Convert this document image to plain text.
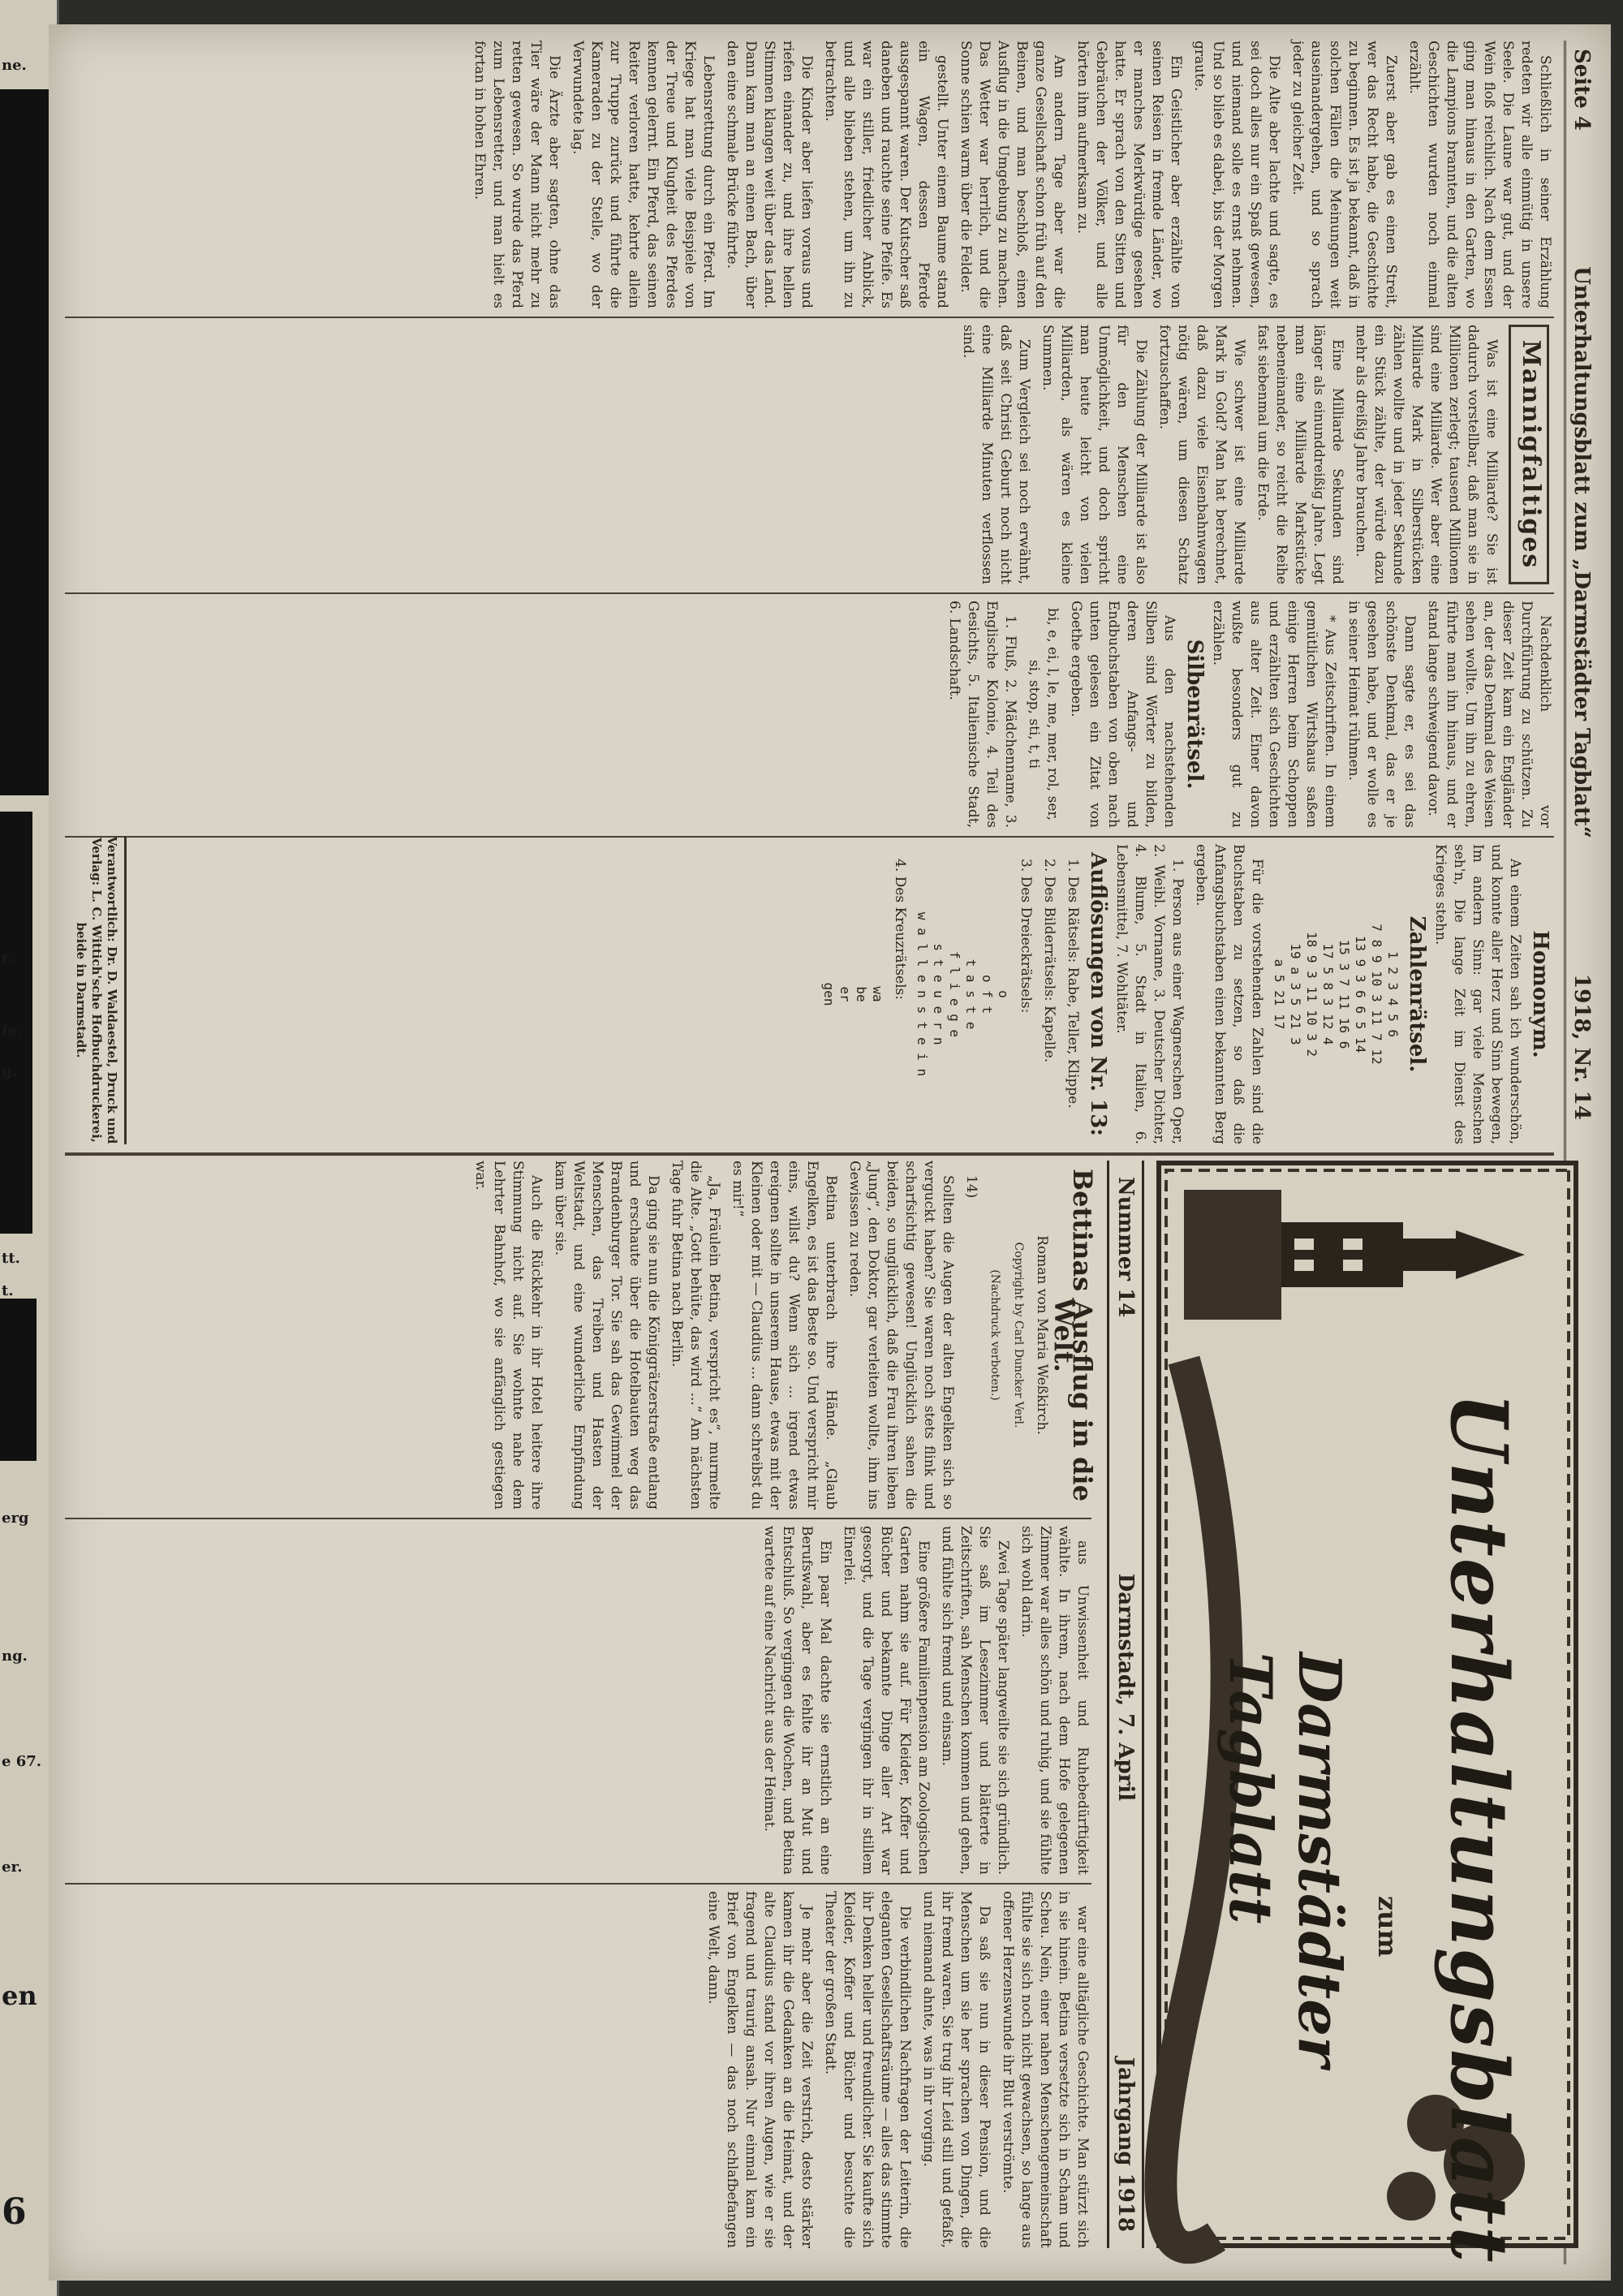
Seite 4
Unterhaltungsblatt zum „Darmstädter Tagblatt“
1918, Nr. 14

Schließlich in seiner Erzählung redeten wir alle einmütig in unsere Seele. Die Laune war gut, und der Wein floß reichlich. Nach dem Essen ging man hinaus in den Garten, wo die Lampions brannten, und die alten Geschichten wurden noch einmal erzählt.

Zuerst aber gab es einen Streit, wer das Recht habe, die Geschichte zu beginnen. Es ist ja bekannt, daß in solchen Fällen die Meinungen weit auseinandergehen, und so sprach jeder zu gleicher Zeit.

Die Alte aber lachte und sagte, es sei doch alles nur ein Spaß gewesen, und niemand solle es ernst nehmen. Und so blieb es dabei, bis der Morgen graute.

Ein Geistlicher aber erzählte von seinen Reisen in fremde Länder, wo er manches Merkwürdige gesehen hatte. Er sprach von den Sitten und Gebräuchen der Völker, und alle hörten ihm aufmerksam zu.

Am andern Tage aber war die ganze Gesellschaft schon früh auf den Beinen, und man beschloß, einen Ausflug in die Umgebung zu machen. Das Wetter war herrlich, und die Sonne schien warm über die Felder.

gestellt. Unter einem Baume stand ein Wagen, dessen Pferde ausgespannt waren. Der Kutscher saß daneben und rauchte seine Pfeife. Es war ein stiller, friedlicher Anblick, und alle blieben stehen, um ihn zu betrachten.

Die Kinder aber liefen voraus und riefen einander zu, und ihre hellen Stimmen klangen weit über das Land. Dann kam man an einen Bach, über den eine schmale Brücke führte.

Lebensrettung durch ein Pferd. Im Kriege hat man viele Beispiele von der Treue und Klugheit des Pferdes kennen gelernt. Ein Pferd, das seinen Reiter verloren hatte, kehrte allein zur Truppe zurück und führte die Kameraden zu der Stelle, wo der Verwundete lag.

Die Ärzte aber sagten, ohne das Tier wäre der Mann nicht mehr zu retten gewesen. So wurde das Pferd zum Lebensretter, und man hielt es fortan in hohen Ehren.

Mannigfaltiges

Was ist eine Milliarde? Sie ist dadurch vorstellbar, daß man sie in Millionen zerlegt; tausend Millionen sind eine Milliarde. Wer aber eine Milliarde Mark in Silberstücken zählen wollte und in jeder Sekunde ein Stück zählte, der würde dazu mehr als dreißig Jahre brauchen.

Eine Milliarde Sekunden sind länger als einunddreißig Jahre. Legt man eine Milliarde Markstücke nebeneinander, so reicht die Reihe fast siebenmal um die Erde.

Wie schwer ist eine Milliarde Mark in Gold? Man hat berechnet, daß dazu viele Eisenbahnwagen nötig wären, um diesen Schatz fortzuschaffen.

Die Zählung der Milliarde ist also für den Menschen eine Unmöglichkeit, und doch spricht man heute leicht von vielen Milliarden, als wären es kleine Summen.

Zum Vergleich sei noch erwähnt, daß seit Christi Geburt noch nicht eine Milliarde Minuten verflossen sind.

Nachdenklich vor Durchführung zu schützen. Zu dieser Zeit kam ein Engländer an, der das Denkmal des Weisen sehen wollte. Um ihn zu ehren, führte man ihn hinaus, und er stand lange schweigend davor.

Dann sagte er, es sei das schönste Denkmal, das er je gesehen habe, und er wolle es in seiner Heimat rühmen.

* Aus Zeitschriften. In einem gemütlichen Wirtshaus saßen einige Herren beim Schoppen und erzählten sich Geschichten aus alter Zeit. Einer davon wußte besonders gut zu erzählen.

Silbenrätsel.

Aus den nachstehenden Silben sind Wörter zu bilden, deren Anfangs- und Endbuchstaben von oben nach unten gelesen ein Zitat von Goethe ergeben.

bi, e, ei, l, le, me, mer, rol, ser, si, stop, sti, t, ti

1. Fluß, 2. Mädchenname, 3. Englische Kolonie, 4. Teil des Gesichts, 5. Italienische Stadt, 6. Landschaft.

Homonym.

An einem Zeiten sah ich wunderschön, und konnte aller Herz und Sinn bewegen, Im andern Sinn: gar viele Menschen seh'n, Die lange Zeit im Dienst des Krieges stehn.

Zahlenrätsel.
1 2 3 4 5 6
7 8 9 10 3 11 7 12
13 9 3 6 6 5 14
15 3 7 11 16 6
17 5 8 3 12 4
18 9 3 11 10 3 2
19 a 3 5 21 3
a 5 21 17

Für die vorstehenden Zahlen sind die Buchstaben zu setzen, so daß die Anfangsbuchstaben einen bekannten Berg ergeben.

1. Person aus einer Wagnerschen Oper, 2. Weibl. Vorname, 3. Deutscher Dichter, 4. Blume, 5. Stadt in Italien, 6. Lebensmittel, 7. Wohltäter.

Auflösungen von Nr. 13:

1. Des Rätsels: Rabe, Teller, Klippe.

2. Des Bilderrätsels: Kapelle.

3. Des Dreieckrätsels:

o
o f t
t a s t e
f l i e g e
s t e u e r n
w a l l e n s t e i n

4. Des Kreuzrätsels:

wa
be
er
gen
Verantwortlich: Dr. D. Waldaestel, Druck und Verlag: L. C. Wittich'sche Hofbuchdruckerei, beide in Darmstadt.
Unterhaltungsblatt
zum
Darmstädter Tagblatt
Nummer 14
Darmstadt, 7. April
Jahrgang 1918
Bettinas Ausflug in die Welt.

Roman von Maria Weßkirch.

Copyright by Carl Duncker Verl.

(Nachdruck verboten.)

14)

Sollten die Augen der alten Engelken sich so verguckt haben? Sie waren noch stets flink und scharfsichtig gewesen! Unglücklich sahen die beiden, so unglücklich, daß die Frau ihren lieben „Jung“, den Doktor, gar verleiten wollte, ihm ins Gewissen zu reden.

Betina unterbrach ihre Hände. „Glaub Engelken, es ist das Beste so. Und verspricht mir eins, willst du? Wenn sich ... irgend etwas ereignen sollte in unserem Hause, etwas mit der Kleinen oder mit — Claudius ... dann schreibst du es mir!“

„Ja, Fräulein Betina, verspricht es“, murmelte die Alte. „Gott behüte, das wird ...“ Am nächsten Tage fuhr Betina nach Berlin.

Da ging sie nun die Königgrätzerstraße entlang und erschaute über die Hotelbauten weg das Brandenburger Tor. Sie sah das Gewimmel der Menschen, das Treiben und Hasten der Weltstadt, und eine wunderliche Empfindung kam über sie.

Auch die Rückkehr in ihr Hotel heitere ihre Stimmung nicht auf. Sie wohnte nahe dem Lehrter Bahnhof, wo sie anfänglich gestiegen war.

aus Unwissenheit und Ruhebedürftigkeit wählte. In ihrem, nach dem Hofe gelegenen Zimmer war alles schön und ruhig, und sie fühlte sich wohl darin.

Zwei Tage später langweilte sie sich gründlich. Sie saß im Lesezimmer und blätterte in Zeitschriften, sah Menschen kommen und gehen, und fühlte sich fremd und einsam.

Eine größere Familienpension am Zoologischen Garten nahm sie auf. Für Kleider, Koffer und Bücher und bekannte Dinge aller Art war gesorgt, und die Tage vergingen ihr in stillem Einerlei.

Ein paar Mal dachte sie ernstlich an eine Berufswahl, aber es fehlte ihr an Mut und Entschluß. So vergingen die Wochen, und Betina wartete auf eine Nachricht aus der Heimat.

war eine alltägliche Geschichte. Man stürzt sich in sie hinein. Betina versetzte sich in Scham und Scheu. Nein, einer nahen Menschengemeinschaft fühlte sie sich noch nicht gewachsen, so lange aus offener Herzenswunde ihr Blut verströmte.

Da saß sie nun in dieser Pension, und die Menschen um sie her sprachen von Dingen, die ihr fremd waren. Sie trug ihr Leid still und gefaßt, und niemand ahnte, was in ihr vorging.

Die verbindlichen Nachfragen der Leiterin, die eleganten Gesellschaftsräume — alles das stimmte ihr Denken heller und freundlicher. Sie kaufte sich Kleider, Koffer und Bücher und besuchte die Theater der großen Stadt.

Je mehr aber die Zeit verstrich, desto stärker kamen ihr die Gedanken an die Heimat, und der alte Claudius stand vor ihren Augen, wie er sie fragend und traurig ansah. Nur einmal kam ein Brief von Engelken — das noch schlafbefangen eine Welt, dann.

ne.
r.
fe,
g.
tt.
t.
erg
ng.
e 67.
er.
en
6
